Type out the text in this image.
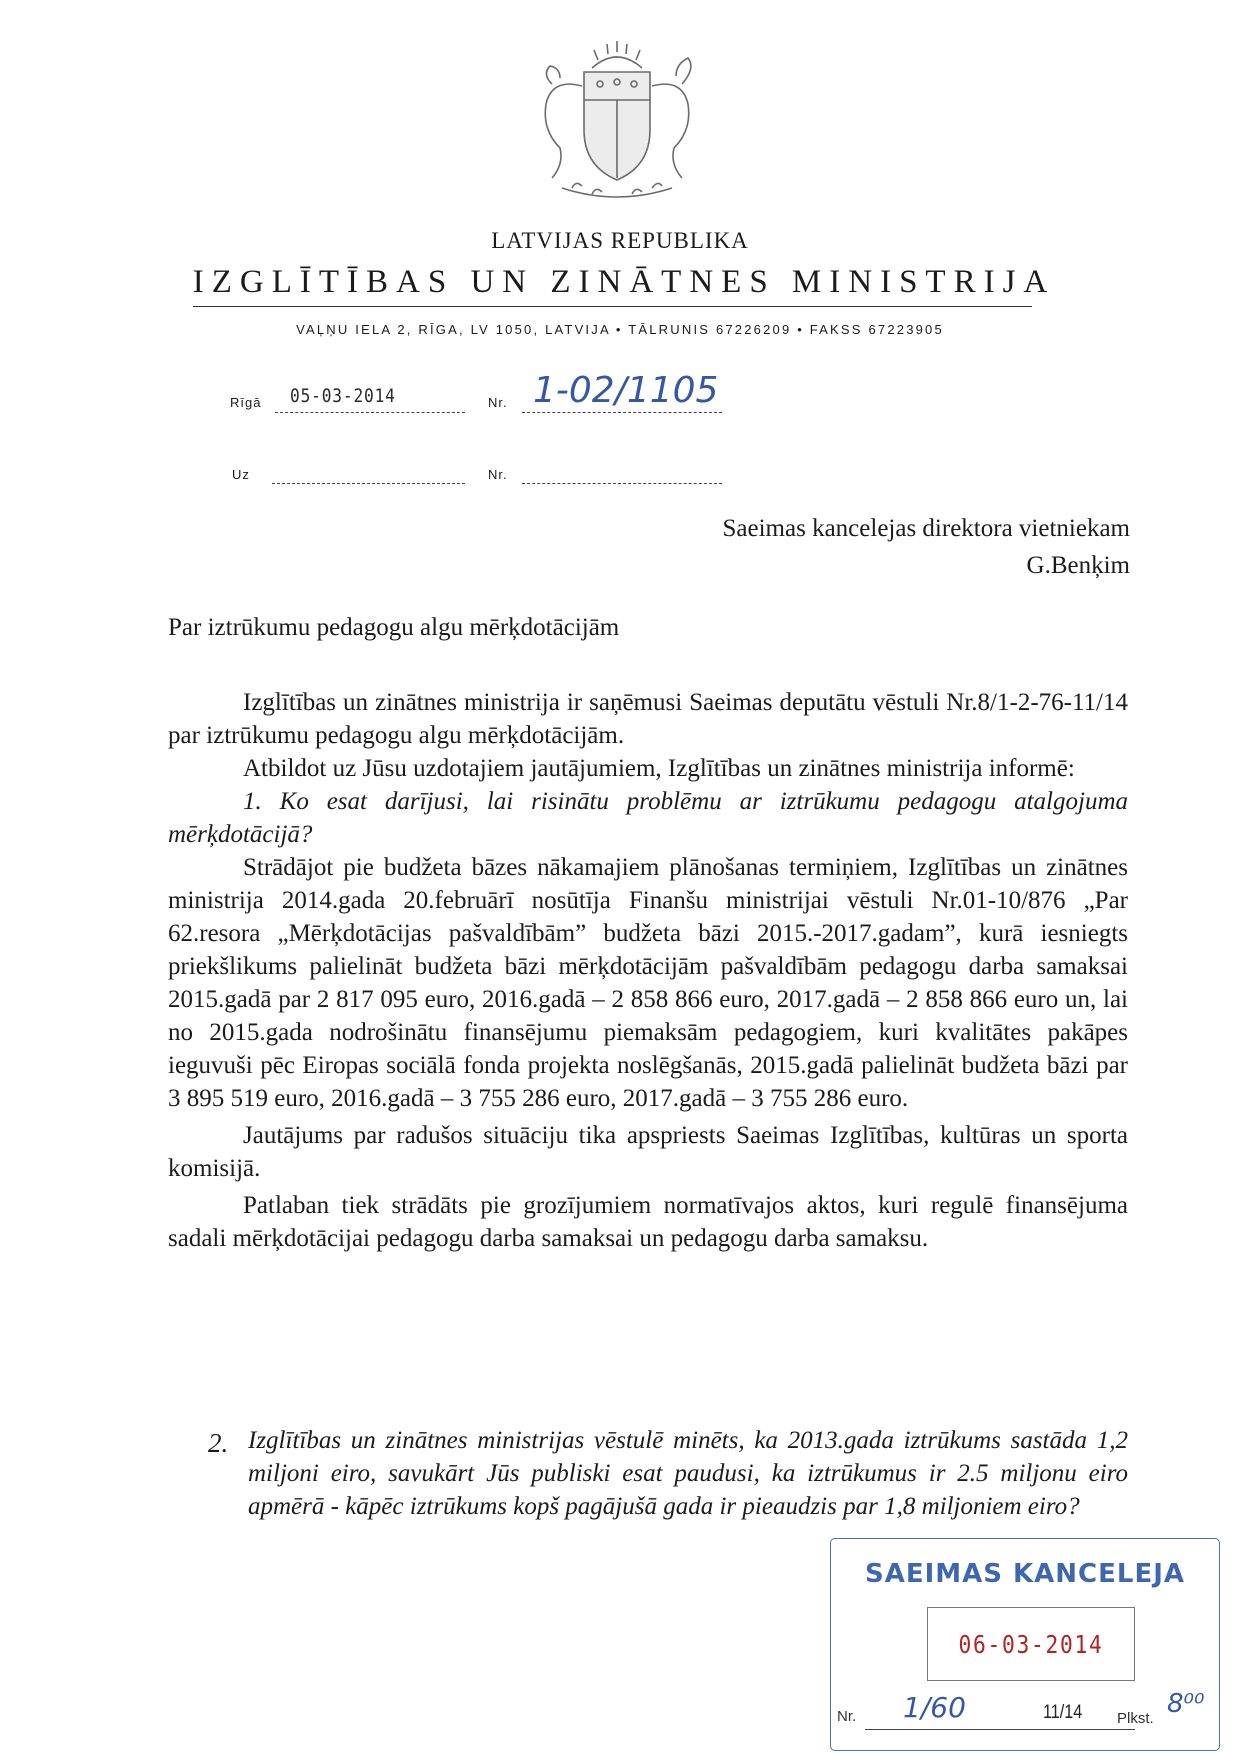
LATVIJAS REPUBLIKA
IZGLĪTĪBAS UN ZINĀTNES MINISTRIJA
VAĻŅU IELA 2, RĪGA, LV 1050, LATVIJA • TĀLRUNIS 67226209 • FAKSS 67223905
Rīgā 05-03-2014	Nr. 1-02/1105
Uz	Nr.
Saeimas kancelejas direktora vietniekam
G.Benķim
Par iztrūkumu pedagogu algu mērķdotācijām

Izglītības un zinātnes ministrija ir saņēmusi Saeimas deputātu vēstuli Nr.8/1-2-76-11/14 par iztrūkumu pedagogu algu mērķdotācijām.

Atbildot uz Jūsu uzdotajiem jautājumiem, Izglītības un zinātnes ministrija informē:

1. Ko esat darījusi, lai risinātu problēmu ar iztrūkumu pedagogu atalgojuma mērķdotācijā?

Strādājot pie budžeta bāzes nākamajiem plānošanas termiņiem, Izglītības un zinātnes ministrija 2014.gada 20.februārī nosūtīja Finanšu ministrijai vēstuli Nr.01-10/876 „Par 62.resora „Mērķdotācijas pašvaldībām” budžeta bāzi 2015.-2017.gadam”, kurā iesniegts priekšlikums palielināt budžeta bāzi mērķdotācijām pašvaldībām pedagogu darba samaksai 2015.gadā par 2 817 095 euro, 2016.gadā – 2 858 866 euro, 2017.gadā – 2 858 866 euro un, lai no 2015.gada nodrošinātu finansējumu piemaksām pedagogiem, kuri kvalitātes pakāpes ieguvuši pēc Eiropas sociālā fonda projekta noslēgšanās, 2015.gadā palielināt budžeta bāzi par 3 895 519 euro, 2016.gadā – 3 755 286 euro, 2017.gadā – 3 755 286 euro.

Jautājums par radušos situāciju tika apspriests Saeimas Izglītības, kultūras un sporta komisijā.

Patlaban tiek strādāts pie grozījumiem normatīvajos aktos, kuri regulē finansējuma sadali mērķdotācijai pedagogu darba samaksai un pedagogu darba samaksu.

2. Izglītības un zinātnes ministrijas vēstulē minēts, ka 2013.gada iztrūkums sastāda 1,2 miljoni eiro, savukārt Jūs publiski esat paudusi, ka iztrūkumus ir 2.5 miljonu eiro apmērā - kāpēc iztrūkums kopš pagājušā gada ir pieaudzis par 1,8 miljoniem eiro?
SAEIMAS KANCELEJA
06-03-2014
Nr. 1/60	11/14 Plkst. 8⁰⁰
